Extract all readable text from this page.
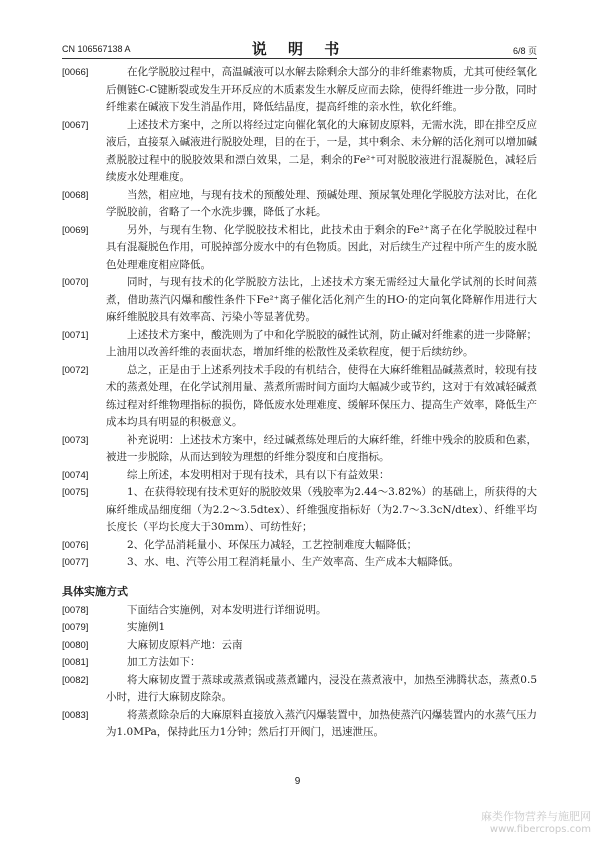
CN 106567138 A	说 明 书	6/8 页

[0066]	在化学脱胶过程中，高温碱液可以水解去除剩余大部分的非纤维素物质，尤其可使经氧化后侧链C-C键断裂或发生开环反应的木质素发生水解反应而去除，使得纤维进一步分散，同时纤维素在碱液下发生消晶作用，降低结晶度，提高纤维的亲水性，软化纤维。

[0067]	上述技术方案中，之所以将经过定向催化氧化的大麻韧皮原料，无需水洗，即在排空反应液后，直接泵入碱液进行脱胶处理，目的在于，一是，其中剩余、未分解的活化剂可以增加碱煮脱胶过程中的脱胶效果和漂白效果，二是，剩余的Fe²⁺可对脱胶液进行混凝脱色，减轻后续废水处理难度。

[0068]	当然，相应地，与现有技术的预酸处理、预碱处理、预尿氧处理化学脱胶方法对比，在化学脱胶前，省略了一个水洗步骤，降低了水耗。

[0069]	另外，与现有生物、化学脱胶技术相比，此技术由于剩余的Fe²⁺离子在化学脱胶过程中具有混凝脱色作用，可脱掉部分废水中的有色物质。因此，对后续生产过程中所产生的废水脱色处理难度相应降低。

[0070]	同时，与现有技术的化学脱胶方法比，上述技术方案无需经过大量化学试剂的长时间蒸煮，借助蒸汽闪爆和酸性条件下Fe²⁺离子催化活化剂产生的HO·的定向氧化降解作用进行大麻纤维脱胶具有效率高、污染小等显著优势。

[0071]	上述技术方案中，酸洗则为了中和化学脱胶的碱性试剂，防止碱对纤维素的进一步降解；上油用以改善纤维的表面状态，增加纤维的松散性及柔软程度，便于后续纺纱。

[0072]	总之，正是由于上述系列技术手段的有机结合，使得在大麻纤维粗品碱蒸煮时，较现有技术的蒸煮处理，在化学试剂用量、蒸煮所需时间方面均大幅减少或节约，这对于有效减轻碱煮练过程对纤维物理指标的损伤，降低废水处理难度、缓解环保压力、提高生产效率，降低生产成本均具有明显的积极意义。

[0073]	补充说明：上述技术方案中，经过碱煮练处理后的大麻纤维，纤维中残余的胶质和色素，被进一步脱除，从而达到较为理想的纤维分裂度和白度指标。

[0074]	综上所述，本发明相对于现有技术，具有以下有益效果：

[0075]	1、在获得较现有技术更好的脱胶效果（残胶率为2.44～3.82%）的基础上，所获得的大麻纤维成品细度细（为2.2～3.5dtex）、纤维强度指标好（为2.7～3.3cN/dtex）、纤维平均长度长（平均长度大于30mm）、可纺性好；

[0076]	2、化学品消耗量小、环保压力减轻，工艺控制难度大幅降低；

[0077]	3、水、电、汽等公用工程消耗量小、生产效率高、生产成本大幅降低。

具体实施方式

[0078]	下面结合实施例，对本发明进行详细说明。

[0079]	实施例1

[0080]	大麻韧皮原料产地：云南

[0081]	加工方法如下：

[0082]	将大麻韧皮置于蒸球或蒸煮锅或蒸煮罐内，浸没在蒸煮液中，加热至沸腾状态，蒸煮0.5小时，进行大麻韧皮除杂。

[0083]	将蒸煮除杂后的大麻原料直接放入蒸汽闪爆装置中，加热使蒸汽闪爆装置内的水蒸气压力为1.0MPa，保持此压力1分钟；然后打开阀门，迅速泄压。

9
麻类作物营养与施肥网
www.fibercrops.com
